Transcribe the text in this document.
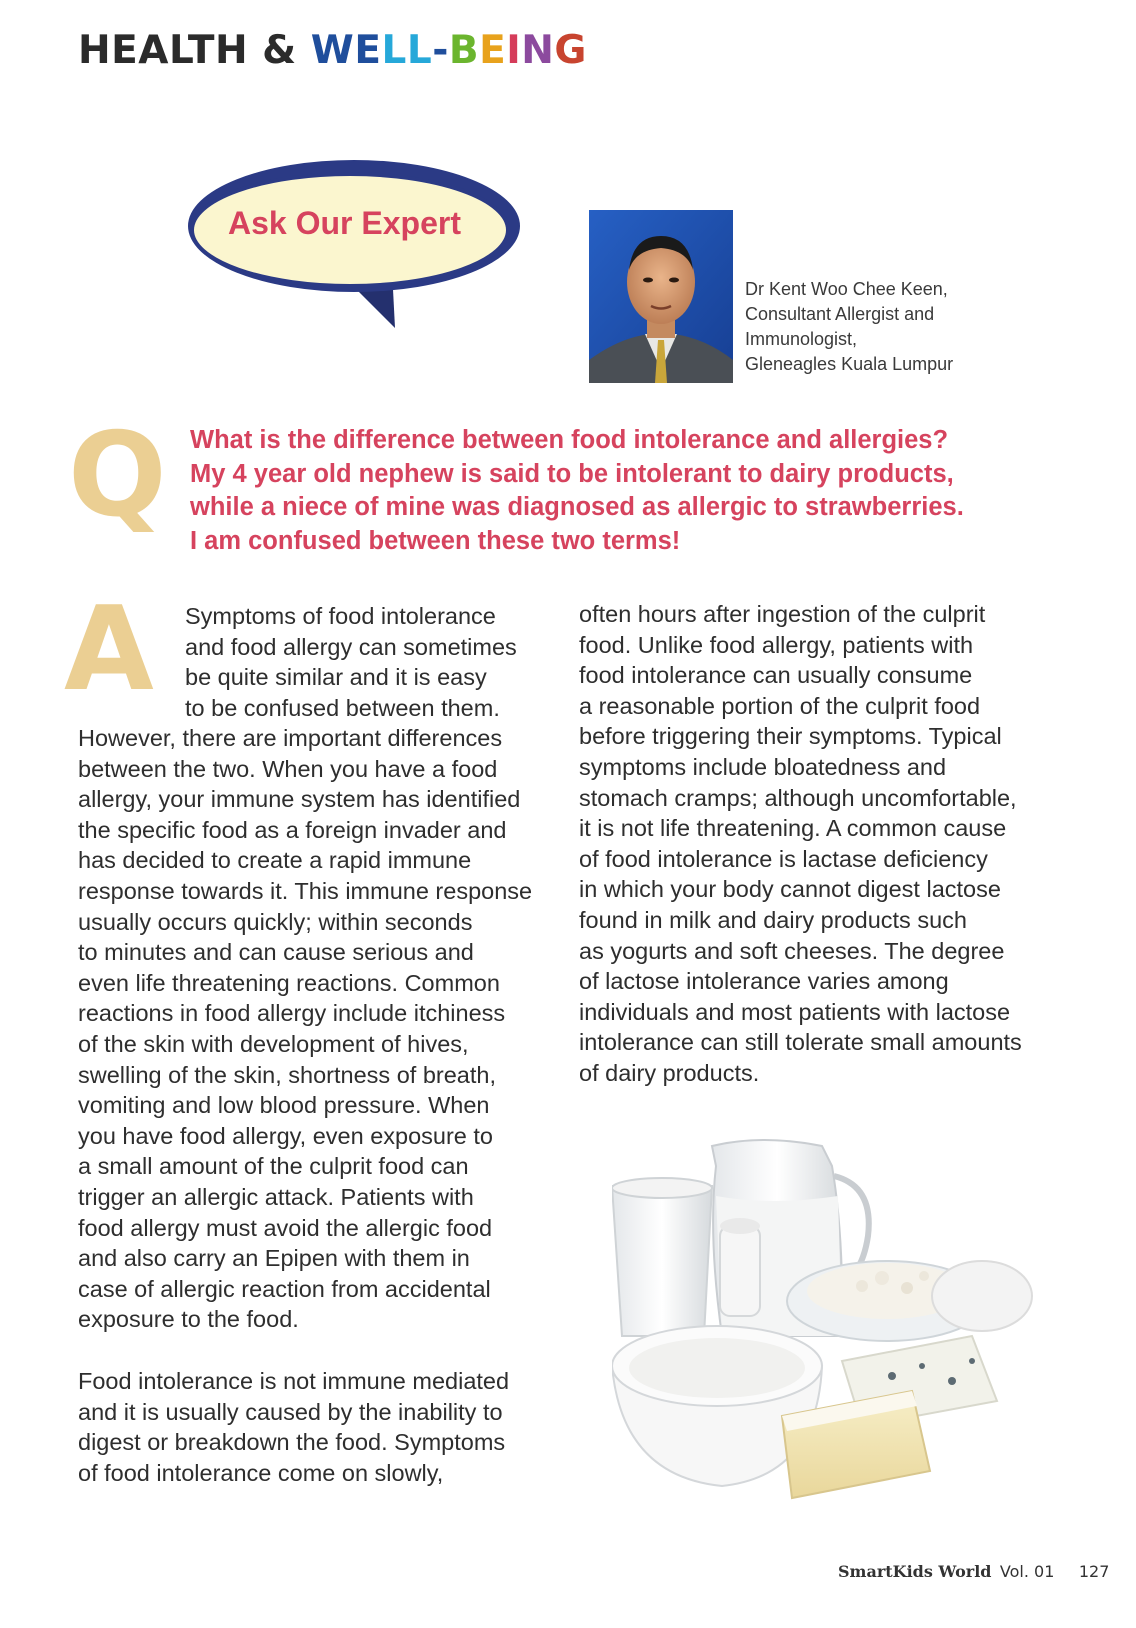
HEALTH & WELL-BEING
Ask Our Expert
Dr Kent Woo Chee Keen,
Consultant Allergist and
Immunologist,
Gleneagles Kuala Lumpur
Q What is the difference between food intolerance and allergies?
My 4 year old nephew is said to be intolerant to dairy products,
while a niece of mine was diagnosed as allergic to strawberries.
I am confused between these two terms!
A Symptoms of food intolerance
and food allergy can sometimes
be quite similar and it is easy
to be confused between them.
However, there are important differences
between the two. When you have a food
allergy, your immune system has identified
the specific food as a foreign invader and
has decided to create a rapid immune
response towards it. This immune response
usually occurs quickly; within seconds
to minutes and can cause serious and
even life threatening reactions. Common
reactions in food allergy include itchiness
of the skin with development of hives,
swelling of the skin, shortness of breath,
vomiting and low blood pressure. When
you have food allergy, even exposure to
a small amount of the culprit food can
trigger an allergic attack. Patients with
food allergy must avoid the allergic food
and also carry an Epipen with them in
case of allergic reaction from accidental
exposure to the food.
Food intolerance is not immune mediated
and it is usually caused by the inability to
digest or breakdown the food. Symptoms
of food intolerance come on slowly,
often hours after ingestion of the culprit
food. Unlike food allergy, patients with
food intolerance can usually consume
a reasonable portion of the culprit food
before triggering their symptoms. Typical
symptoms include bloatedness and
stomach cramps; although uncomfortable,
it is not life threatening. A common cause
of food intolerance is lactase deficiency
in which your body cannot digest lactose
found in milk and dairy products such
as yogurts and soft cheeses. The degree
of lactose intolerance varies among
individuals and most patients with lactose
intolerance can still tolerate small amounts
of dairy products.
SmartKids World Vol. 01 127
